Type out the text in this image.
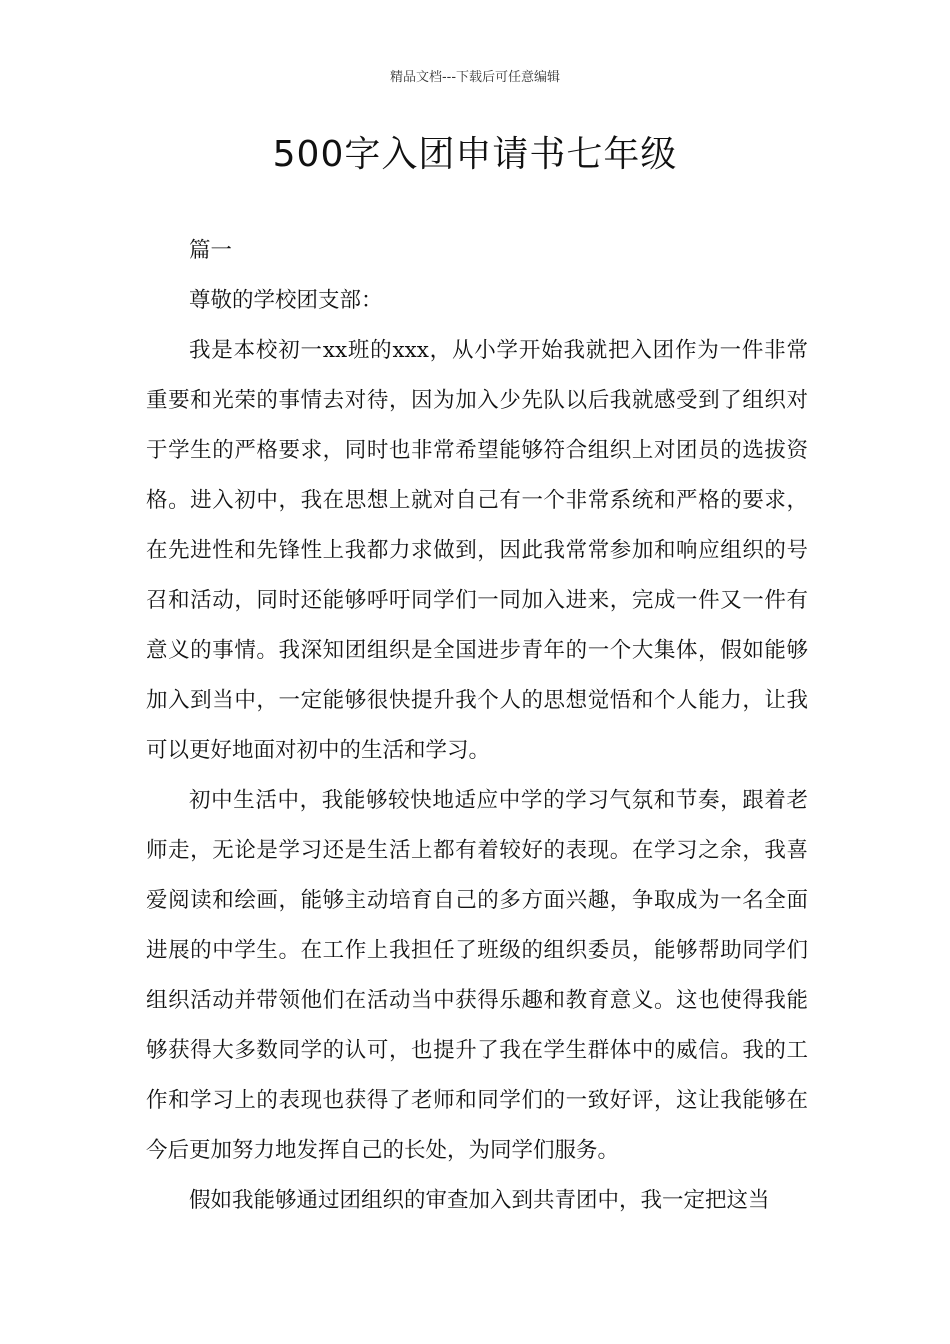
精品文档---下载后可任意编辑
500字入团申请书七年级

篇一

尊敬的学校团支部：

我是本校初一xx班的xxx，从小学开始我就把入团作为一件非常重要和光荣的事情去对待，因为加入少先队以后我就感受到了组织对于学生的严格要求，同时也非常希望能够符合组织上对团员的选拔资格。进入初中，我在思想上就对自己有一个非常系统和严格的要求，在先进性和先锋性上我都力求做到，因此我常常参加和响应组织的号召和活动，同时还能够呼吁同学们一同加入进来，完成一件又一件有意义的事情。我深知团组织是全国进步青年的一个大集体，假如能够加入到当中，一定能够很快提升我个人的思想觉悟和个人能力，让我可以更好地面对初中的生活和学习。

初中生活中，我能够较快地适应中学的学习气氛和节奏，跟着老师走，无论是学习还是生活上都有着较好的表现。在学习之余，我喜爱阅读和绘画，能够主动培育自己的多方面兴趣，争取成为一名全面进展的中学生。在工作上我担任了班级的组织委员，能够帮助同学们组织活动并带领他们在活动当中获得乐趣和教育意义。这也使得我能够获得大多数同学的认可，也提升了我在学生群体中的威信。我的工作和学习上的表现也获得了老师和同学们的一致好评，这让我能够在今后更加努力地发挥自己的长处，为同学们服务。

假如我能够通过团组织的审查加入到共青团中，我一定把这当
